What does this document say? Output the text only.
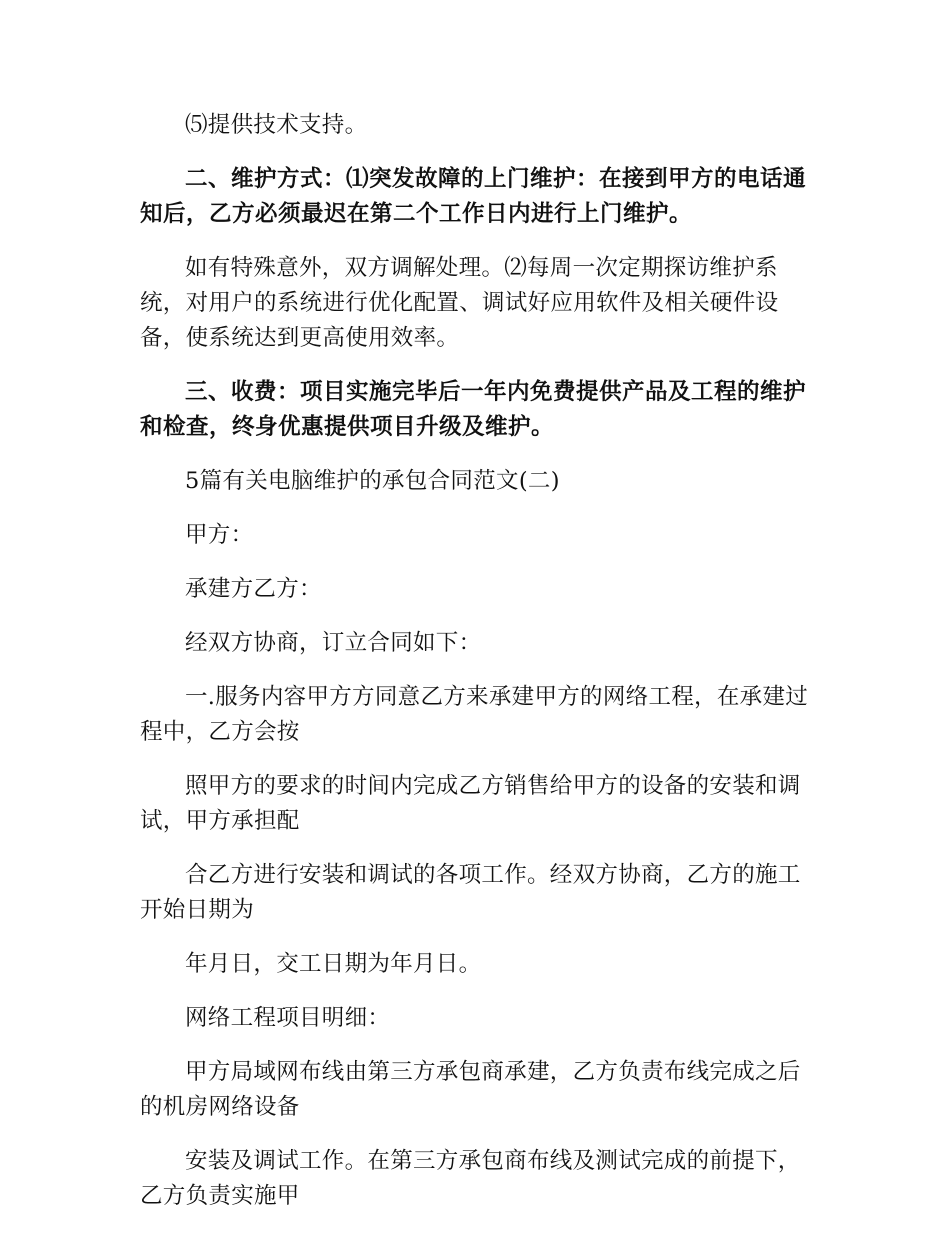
⑸提供技术支持。

二、维护方式：⑴突发故障的上门维护：在接到甲方的电话通知后，乙方必须最迟在第二个工作日内进行上门维护。

如有特殊意外，双方调解处理。⑵每周一次定期探访维护系统，对用户的系统进行优化配置、调试好应用软件及相关硬件设备，使系统达到更高使用效率。

三、收费：项目实施完毕后一年内免费提供产品及工程的维护和检查，终身优惠提供项目升级及维护。

5篇有关电脑维护的承包合同范文(二)

甲方：

承建方乙方：

经双方协商，订立合同如下：

一.服务内容甲方方同意乙方来承建甲方的网络工程，在承建过程中，乙方会按

照甲方的要求的时间内完成乙方销售给甲方的设备的安装和调试，甲方承担配

合乙方进行安装和调试的各项工作。经双方协商，乙方的施工开始日期为

年月日，交工日期为年月日。

网络工程项目明细：

甲方局域网布线由第三方承包商承建，乙方负责布线完成之后的机房网络设备

安装及调试工作。在第三方承包商布线及测试完成的前提下，乙方负责实施甲
